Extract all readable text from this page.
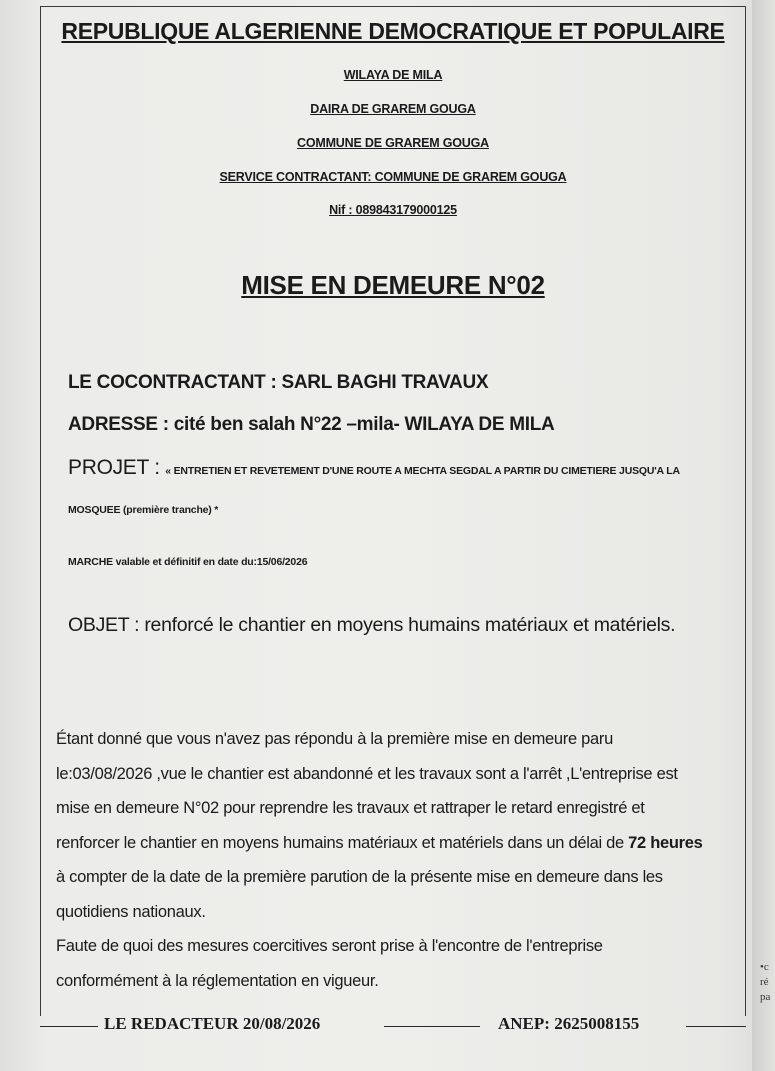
•c
ré
pa
REPUBLIQUE ALGERIENNE DEMOCRATIQUE ET POPULAIRE
WILAYA DE MILA
DAIRA DE GRAREM GOUGA
COMMUNE DE GRAREM GOUGA
SERVICE CONTRACTANT: COMMUNE DE GRAREM GOUGA
Nif : 089843179000125
MISE EN DEMEURE N°02
LE COCONTRACTANT : SARL BAGHI TRAVAUX
ADRESSE : cité ben salah N°22 –mila- WILAYA DE MILA
PROJET : « ENTRETIEN ET REVETEMENT D'UNE ROUTE A MECHTA SEGDAL A PARTIR DU CIMETIERE JUSQU'A LA
MOSQUEE (première tranche) *
MARCHE valable et définitif en date du:15/06/2026
OBJET : renforcé le chantier en moyens humains matériaux et matériels.

Étant donné que vous n'avez pas répondu à la première mise en demeure paru

le:03/08/2026 ,vue le chantier est abandonné et les travaux sont a l'arrêt ,L'entreprise est

mise en demeure N°02 pour reprendre les travaux et rattraper le retard enregistré et

renforcer le chantier en moyens humains matériaux et matériels dans un délai de 72 heures

à compter de la date de la première parution de la présente mise en demeure dans les

quotidiens nationaux.

Faute de quoi des mesures coercitives seront prise à l'encontre de l'entreprise

conformément à la réglementation en vigueur.

LE REDACTEUR 20/08/2026	ANEP: 2625008155
